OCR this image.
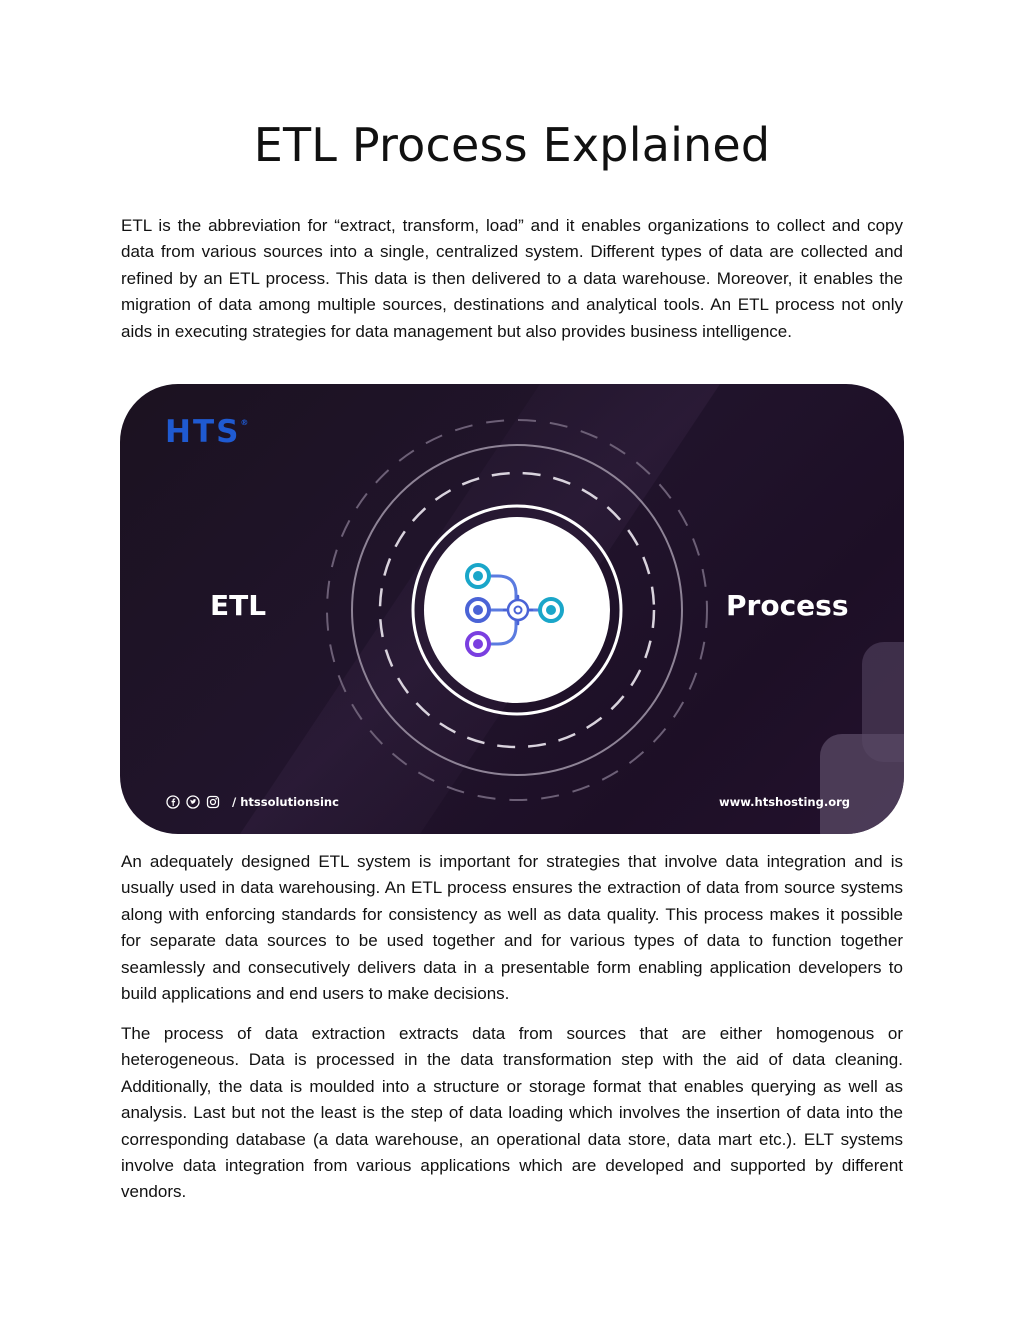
ETL Process Explained

ETL is the abbreviation for “extract, transform, load” and it enables organizations to collect and copy data from various sources into a single, centralized system. Different types of data are collected and refined by an ETL process. This data is then delivered to a data warehouse. Moreover, it enables the migration of data among multiple sources, destinations and analytical tools. An ETL process not only aids in executing strategies for data management but also provides business intelligence.

HTS®
ETL	Process
/ htssolutionsinc	www.htshosting.org

An adequately designed ETL system is important for strategies that involve data integration and is usually used in data warehousing. An ETL process ensures the extraction of data from source systems along with enforcing standards for consistency as well as data quality. This process makes it possible for separate data sources to be used together and for various types of data to function together seamlessly and consecutively delivers data in a presentable form enabling application developers to build applications and end users to make decisions.

The process of data extraction extracts data from sources that are either homogenous or heterogeneous. Data is processed in the data transformation step with the aid of data cleaning. Additionally, the data is moulded into a structure or storage format that enables querying as well as analysis. Last but not the least is the step of data loading which involves the insertion of data into the corresponding database (a data warehouse, an operational data store, data mart etc.). ELT systems involve data integration from various applications which are developed and supported by different vendors.
